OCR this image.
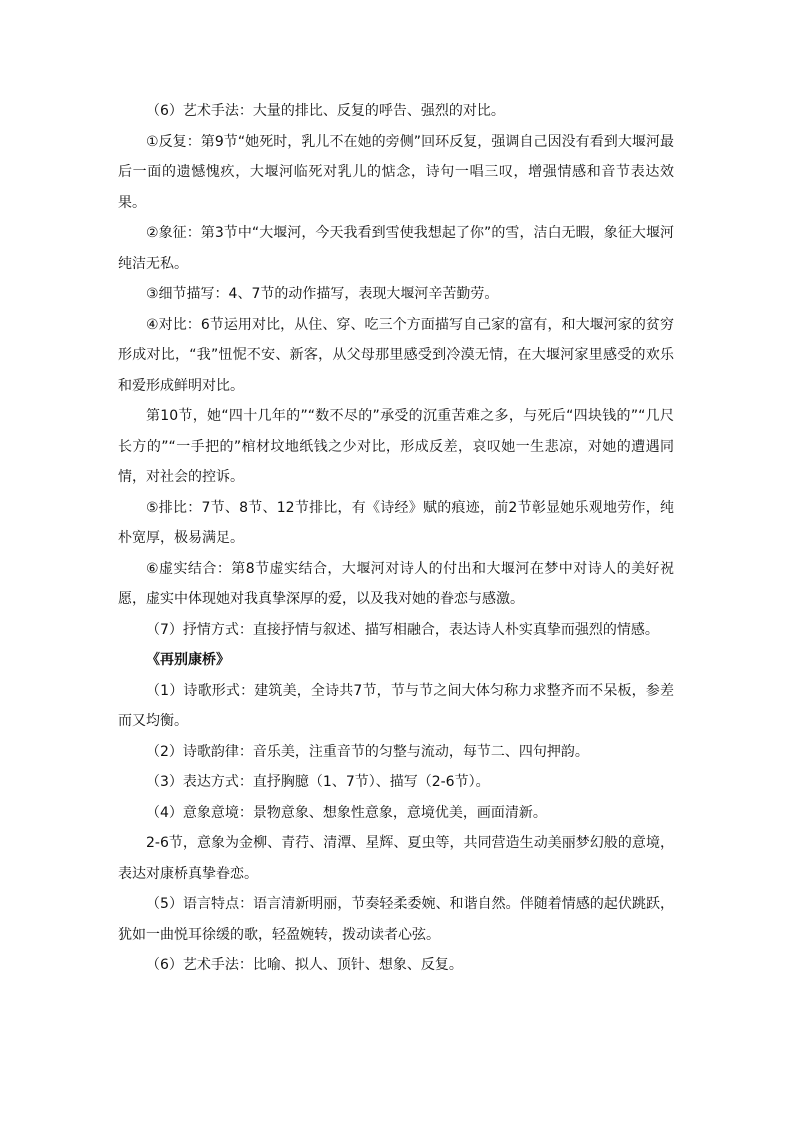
（6）艺术手法：大量的排比、反复的呼告、强烈的对比。

①反复：第9节“她死时，乳儿不在她的旁侧”回环反复，强调自己因没有看到大堰河最后一面的遗憾愧疚，大堰河临死对乳儿的惦念，诗句一唱三叹，增强情感和音节表达效果。

②象征：第3节中“大堰河，今天我看到雪使我想起了你”的雪，洁白无暇，象征大堰河纯洁无私。

③细节描写：4、7节的动作描写，表现大堰河辛苦勤劳。

④对比：6节运用对比，从住、穿、吃三个方面描写自己家的富有，和大堰河家的贫穷形成对比，“我”忸怩不安、新客，从父母那里感受到冷漠无情，在大堰河家里感受的欢乐和爱形成鲜明对比。

第10节，她“四十几年的”“数不尽的”承受的沉重苦难之多，与死后“四块钱的”“几尺长方的”“一手把的”棺材坟地纸钱之少对比，形成反差，哀叹她一生悲凉，对她的遭遇同情，对社会的控诉。

⑤排比：7节、8节、12节排比，有《诗经》赋的痕迹，前2节彰显她乐观地劳作，纯朴宽厚，极易满足。

⑥虚实结合：第8节虚实结合，大堰河对诗人的付出和大堰河在梦中对诗人的美好祝愿，虚实中体现她对我真挚深厚的爱，以及我对她的眷恋与感激。

（7）抒情方式：直接抒情与叙述、描写相融合，表达诗人朴实真挚而强烈的情感。

《再别康桥》

（1）诗歌形式：建筑美，全诗共7节，节与节之间大体匀称力求整齐而不呆板，参差而又均衡。

（2）诗歌韵律：音乐美，注重音节的匀整与流动，每节二、四句押韵。

（3）表达方式：直抒胸臆（1、7节）、描写（2-6节）。

（4）意象意境：景物意象、想象性意象，意境优美，画面清新。

2-6节，意象为金柳、青荇、清潭、星辉、夏虫等，共同营造生动美丽梦幻般的意境，表达对康桥真挚眷恋。

（5）语言特点：语言清新明丽，节奏轻柔委婉、和谐自然。伴随着情感的起伏跳跃，犹如一曲悦耳徐缓的歌，轻盈婉转，拨动读者心弦。

（6）艺术手法：比喻、拟人、顶针、想象、反复。
